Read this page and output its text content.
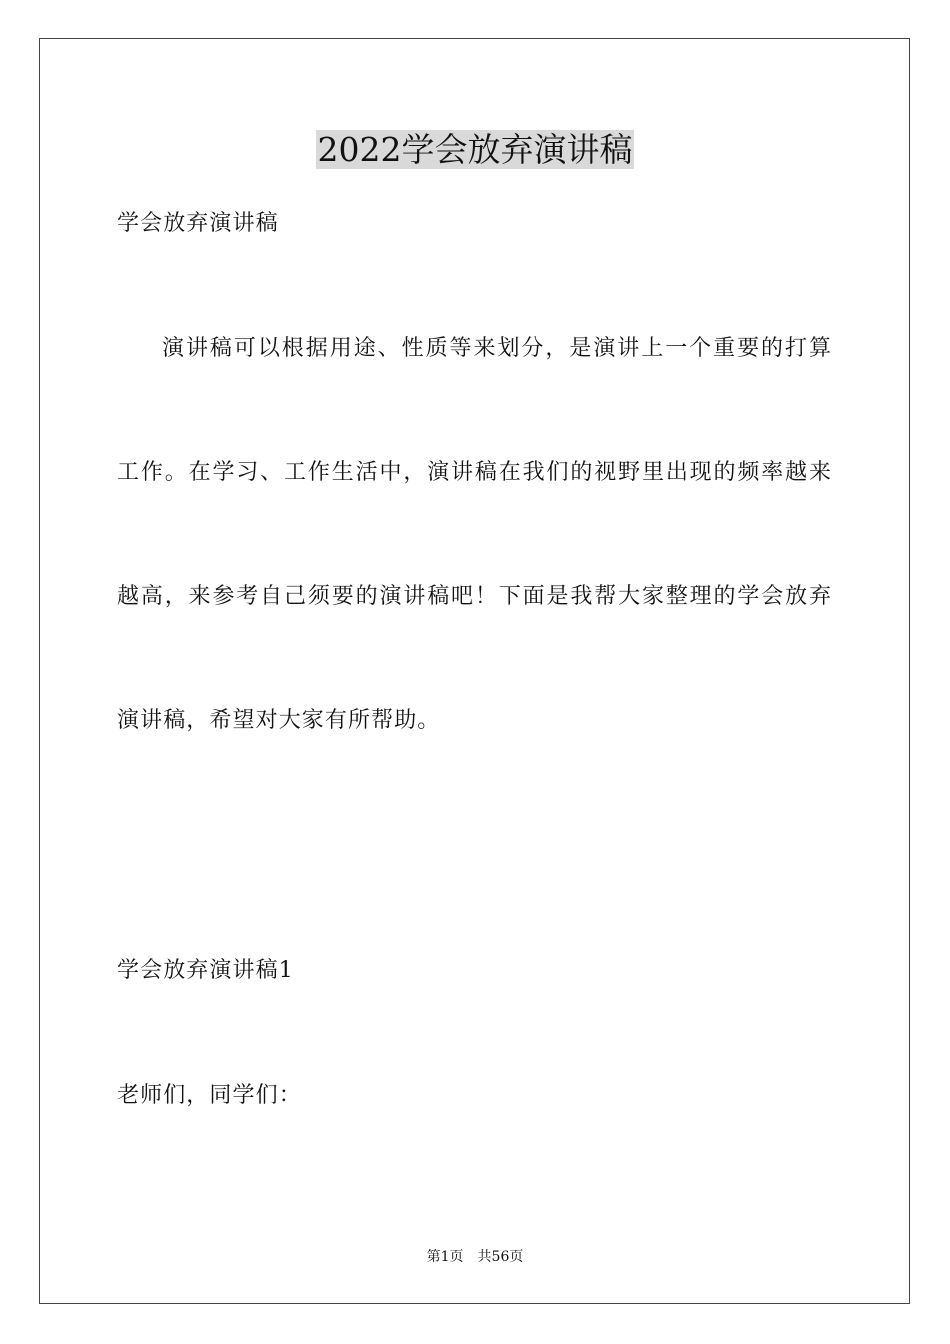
2022学会放弃演讲稿
学会放弃演讲稿
演讲稿可以根据用途、性质等来划分，是演讲上一个重要的打算
工作。在学习、工作生活中，演讲稿在我们的视野里出现的频率越来
越高，来参考自己须要的演讲稿吧！下面是我帮大家整理的学会放弃
演讲稿，希望对大家有所帮助。
学会放弃演讲稿1
老师们，同学们：
第1页 共56页
